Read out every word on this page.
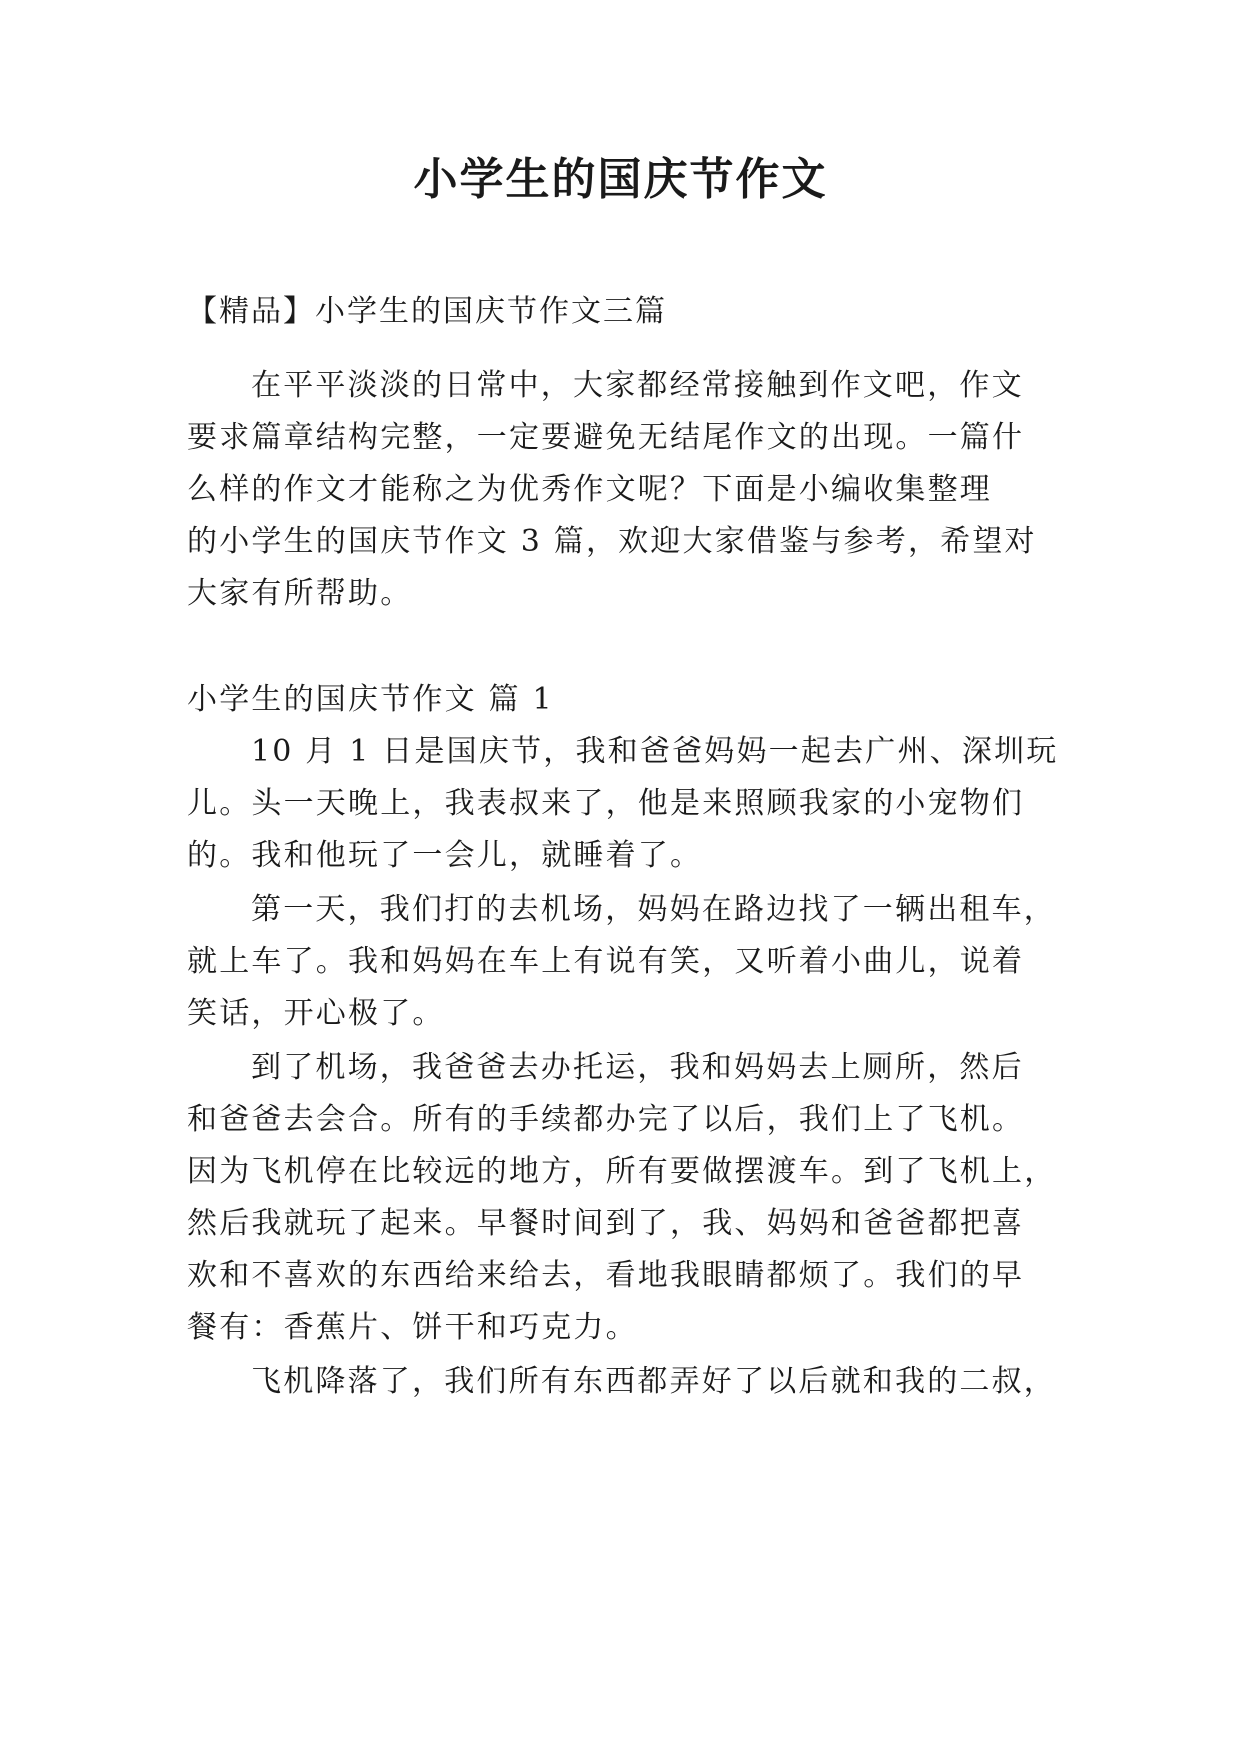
小学生的国庆节作文
【精品】小学生的国庆节作文三篇
在平平淡淡的日常中，大家都经常接触到作文吧，作文
要求篇章结构完整，一定要避免无结尾作文的出现。一篇什
么样的作文才能称之为优秀作文呢？下面是小编收集整理
的小学生的国庆节作文 3 篇，欢迎大家借鉴与参考，希望对
大家有所帮助。
小学生的国庆节作文 篇 1
10 月 1 日是国庆节，我和爸爸妈妈一起去广州、深圳玩
儿。头一天晚上，我表叔来了，他是来照顾我家的小宠物们
的。我和他玩了一会儿，就睡着了。
第一天，我们打的去机场，妈妈在路边找了一辆出租车，
就上车了。我和妈妈在车上有说有笑，又听着小曲儿，说着
笑话，开心极了。
到了机场，我爸爸去办托运，我和妈妈去上厕所，然后
和爸爸去会合。所有的手续都办完了以后，我们上了飞机。
因为飞机停在比较远的地方，所有要做摆渡车。到了飞机上，
然后我就玩了起来。早餐时间到了，我、妈妈和爸爸都把喜
欢和不喜欢的东西给来给去，看地我眼睛都烦了。我们的早
餐有：香蕉片、饼干和巧克力。
飞机降落了，我们所有东西都弄好了以后就和我的二叔，
